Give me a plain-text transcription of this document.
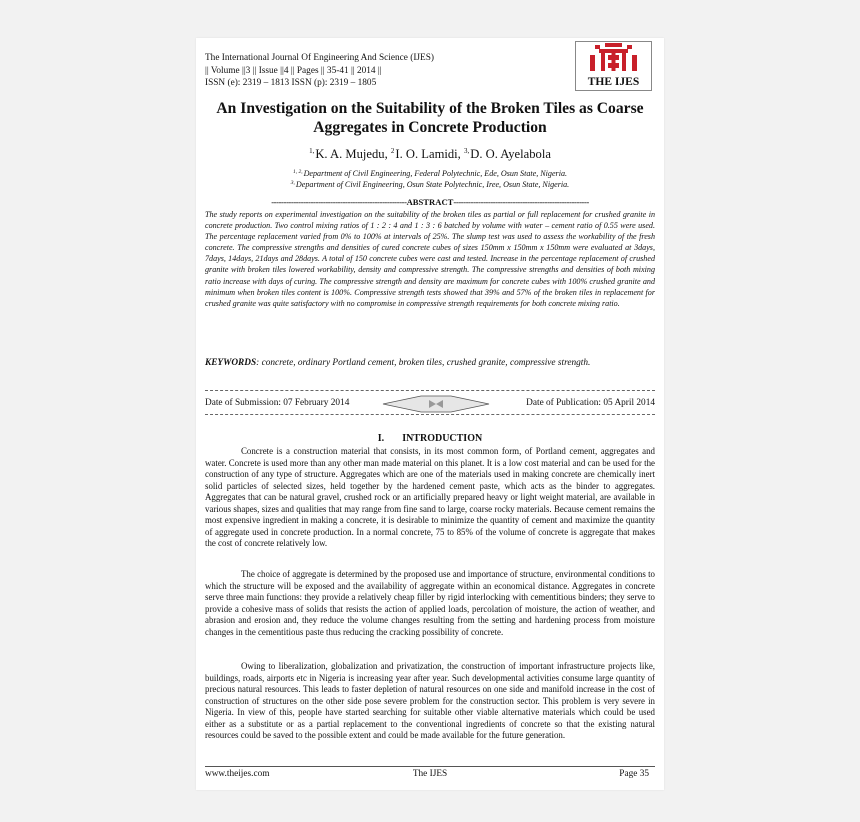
The International Journal Of Engineering And Science (IJES)
|| Volume ||3 || Issue ||4 || Pages || 35-41 || 2014 ||
ISSN (e): 2319 – 1813 ISSN (p): 2319 – 1805	THE IJES
An Investigation on the Suitability of the Broken Tiles as Coarse
Aggregates in Concrete Production
$^{1,}$K. A. Mujedu, $^2$I. O. Lamidi, $^{3,}$D. O. Ayelabola
$^{1, 2,}$Department of Civil Engineering, Federal Polytechnic, Ede, Osun State, Nigeria.
$^{3,}$Department of Civil Engineering, Osun State Polytechnic, Iree, Osun State, Nigeria.
-------------------------------------------------------ABSTRACT-------------------------------------------------------

The study reports on experimental investigation on the suitability of the broken tiles as partial or full replacement for crushed granite in concrete production. Two control mixing ratios of 1 : 2 : 4 and 1 : 3 : 6 batched by volume with water – cement ratio of 0.55 were used. The percentage replacement varied from 0% to 100% at intervals of 25%. The slump test was used to assess the workability of the fresh concrete. The compressive strengths and densities of cured concrete cubes of sizes 150mm x 150mm x 150mm were evaluated at 3days, 7days, 14days, 21days and 28days. A total of 150 concrete cubes were cast and tested. Increase in the percentage replacement of crushed granite with broken tiles lowered workability, density and compressive strength. The compressive strengths and densities of both mixing ratio increase with days of curing. The compressive strength and density are maximum for concrete cubes with 100% crushed granite and minimum when broken tiles content is 100%. Compressive strength tests showed that 39% and 57% of the broken tiles in replacement for crushed granite was quite satisfactory with no compromise in compressive strength requirements for both concrete mixing ratio.

KEYWORDS: concrete, ordinary Portland cement, broken tiles, crushed granite, compressive strength.

Date of Submission: 07 February 2014	Date of Publication: 05 April 2014
I. INTRODUCTION

Concrete is a construction material that consists, in its most common form, of Portland cement, aggregates and water. Concrete is used more than any other man made material on this planet. It is a low cost material and can be used for the construction of any type of structure. Aggregates which are one of the materials used in making concrete are chemically inert solid particles of selected sizes, held together by the hardened cement paste, which acts as the binder to aggregates. Aggregates that can be natural gravel, crushed rock or an artificially prepared heavy or light weight material, are available in various shapes, sizes and qualities that may range from fine sand to large, coarse rocky materials. Because cement remains the most expensive ingredient in making a concrete, it is desirable to minimize the quantity of cement and maximize the quantity of aggregate used in concrete production. In a normal concrete, 75 to 85% of the volume of concrete is aggregate that makes the cost of concrete relatively low.

The choice of aggregate is determined by the proposed use and importance of structure, environmental conditions to which the structure will be exposed and the availability of aggregate within an economical distance. Aggregates in concrete serve three main functions: they provide a relatively cheap filler by rigid interlocking with cementitious binders; they serve to provide a cohesive mass of solids that resists the action of applied loads, percolation of moisture, the action of weather, and abrasion and erosion and, they reduce the volume changes resulting from the setting and hardening process from moisture changes in the cementitious paste thus reducing the cracking possibility of concrete.

Owing to liberalization, globalization and privatization, the construction of important infrastructure projects like, buildings, roads, airports etc in Nigeria is increasing year after year. Such developmental activities consume large quantity of precious natural resources. This leads to faster depletion of natural resources on one side and manifold increase in the cost of construction of structures on the other side pose severe problem for the construction sector. This problem is very severe in Nigeria. In view of this, people have started searching for suitable other viable alternative materials which could be used either as a substitute or as a partial replacement to the conventional ingredients of concrete so that the existing natural resources could be saved to the possible extent and could be made available for the future generation.

www.theijes.com	The IJES	Page 35
